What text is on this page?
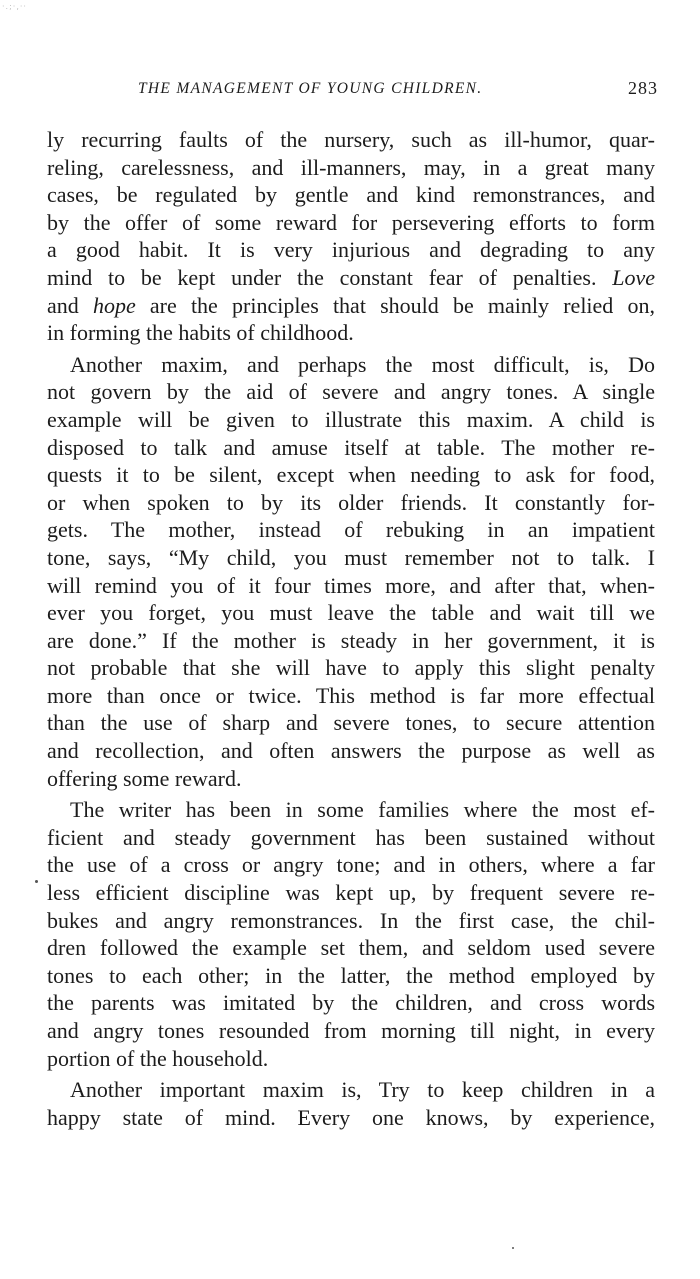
·.;·,··
THE MANAGEMENT OF YOUNG CHILDREN.	283
ly recurring faults of the nursery, such as ill-humor, quar-
reling, carelessness, and ill-manners, may, in a great many
cases, be regulated by gentle and kind remonstrances, and
by the offer of some reward for persevering efforts to form
a good habit. It is very injurious and degrading to any
mind to be kept under the constant fear of penalties. Love
and hope are the principles that should be mainly relied on,
in forming the habits of childhood.
Another maxim, and perhaps the most difficult, is, Do
not govern by the aid of severe and angry tones. A single
example will be given to illustrate this maxim. A child is
disposed to talk and amuse itself at table. The mother re-
quests it to be silent, except when needing to ask for food,
or when spoken to by its older friends. It constantly for-
gets. The mother, instead of rebuking in an impatient
tone, says, “My child, you must remember not to talk. I
will remind you of it four times more, and after that, when-
ever you forget, you must leave the table and wait till we
are done.” If the mother is steady in her government, it is
not probable that she will have to apply this slight penalty
more than once or twice. This method is far more effectual
than the use of sharp and severe tones, to secure attention
and recollection, and often answers the purpose as well as
offering some reward.
The writer has been in some families where the most ef-
ficient and steady government has been sustained without
the use of a cross or angry tone; and in others, where a far
less efficient discipline was kept up, by frequent severe re-
bukes and angry remonstrances. In the first case, the chil-
dren followed the example set them, and seldom used severe
tones to each other; in the latter, the method employed by
the parents was imitated by the children, and cross words
and angry tones resounded from morning till night, in every
portion of the household.
Another important maxim is, Try to keep children in a
happy state of mind. Every one knows, by experience,
